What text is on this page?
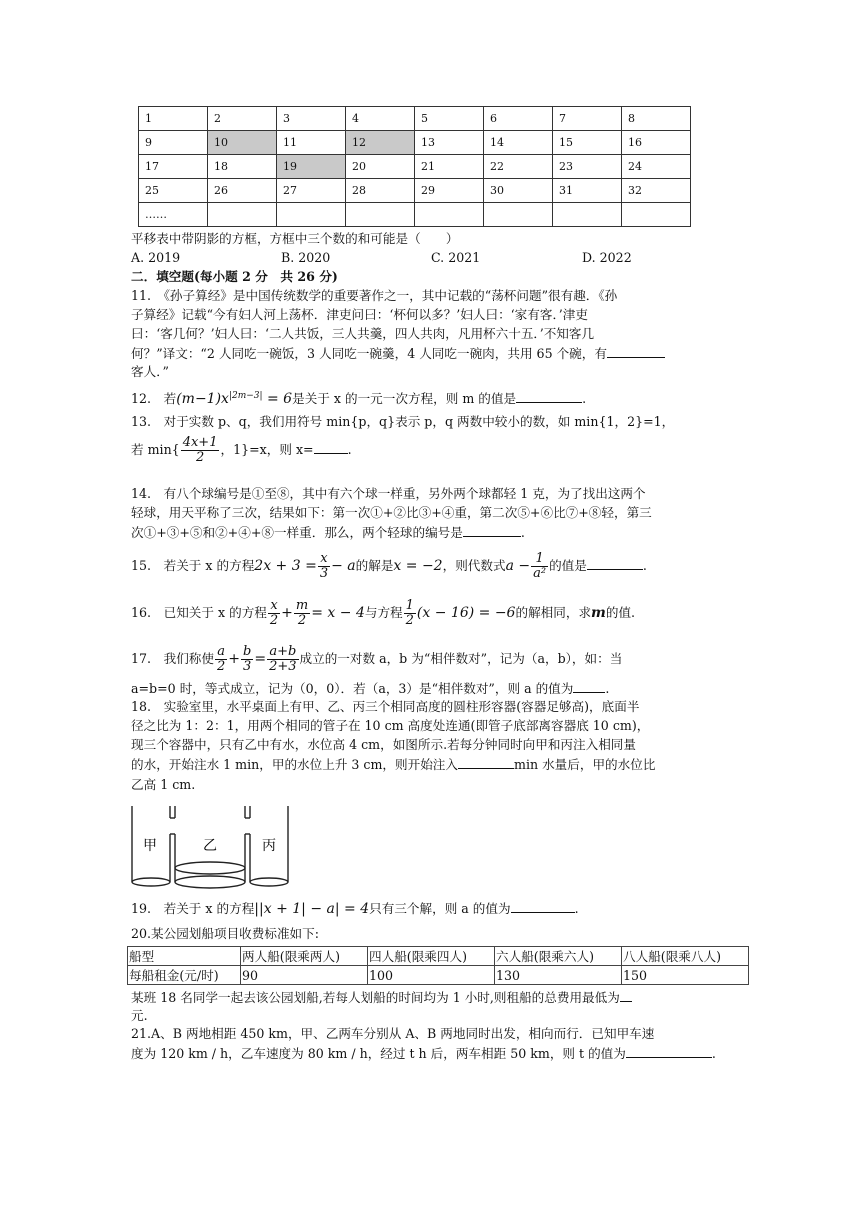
1	2	3	4	5	6	7	8
9	10	11	12	13	14	15	16
17	18	19	20	21	22	23	24
25	26	27	28	29	30	31	32
……							
平移表中带阴影的方框，方框中三个数的和可能是（　　）
A. 2019	B. 2020	C. 2021	D. 2022
二．填空题(每小题 2 分　共 26 分)
11.　《孙子算经》是中国传统数学的重要著作之一，其中记载的“荡杯问题”很有趣．《孙
子算经》记载“今有妇人河上荡杯．津吏问曰：‘杯何以多？’妇人曰：‘家有客．’津吏
曰：‘客几何？’妇人曰：‘二人共饭，三人共羹，四人共肉，凡用杯六十五．’不知客几
何？”译文：“2 人同吃一碗饭，3 人同吃一碗羹，4 人同吃一碗肉，共用 65 个碗，有
客人．”
12.　若$(m-1)x^{|2m-3|} = 6$是关于 x 的一元一次方程，则 m 的值是	.
13.　对于实数 p、q，我们用符号 min{p，q}表示 p，q 两数中较小的数，如 min{1，2}=1，
若 $\min\{ \frac{4x+1}{2}$ ，1}=x，则 x=	.
14.　有八个球编号是①至⑧，其中有六个球一样重，另外两个球都轻 1 克，为了找出这两个
轻球，用天平称了三次，结果如下：第一次①+②比③+④重，第二次⑤+⑥比⑦+⑧轻，第三
次①+③+⑤和②+④+⑧一样重．那么，两个轻球的编号是	.
15.　若关于 x 的方程$2x + 3 = \frac{x}{3} - a$的解是x = −2，则代数式$a - \frac{1}{\text{a²}}$ 的值是	.
16.　已知关于 x 的方程 $\frac{x}{2} + \frac{m}{2} = x - 4$与方程 $\frac{1}{2} (x - 16) = -6$的解相同，求m的值.
17.　我们称使 $\frac{a}{2} + \frac{b}{3} = \frac{a+b}{2+3}$ 成立的一对数 a，b 为“相伴数对”，记为（a，b），如：当
a=b=0 时，等式成立，记为（0，0）．若（a，3）是“相伴数对”，则 a 的值为	.
18.　实验室里，水平桌面上有甲、乙、丙三个相同高度的圆柱形容器(容器足够高)，底面半
径之比为 1：2：1，用两个相同的管子在 10 cm 高度处连通(即管子底部离容器底 10 cm)，
现三个容器中，只有乙中有水，水位高 4 cm，如图所示.若每分钟同时向甲和丙注入相同量
的水，开始注水 1 min，甲的水位上升 3 cm，则开始注入	min 水量后，甲的水位比
乙高 1 cm.
甲	乙	丙
19.　若关于 x 的方程||x + 1| − a| = 4只有三个解，则 a 的值为	.
20.某公园划船项目收费标准如下:
船型	两人船(限乘两人)	四人船(限乘四人)	六人船(限乘六人)	八人船(限乘八人)
每船租金(元/时)	90	100	130	150
某班 18 名同学一起去该公园划船,若每人划船的时间均为 1 小时,则租船的总费用最低为
元.
21.A、B 两地相距 450 km，甲、乙两车分别从 A、B 两地同时出发，相向而行．已知甲车速
度为 120 km / h，乙车速度为 80 km / h，经过 t h 后，两车相距 50 km，则 t 的值为	.
